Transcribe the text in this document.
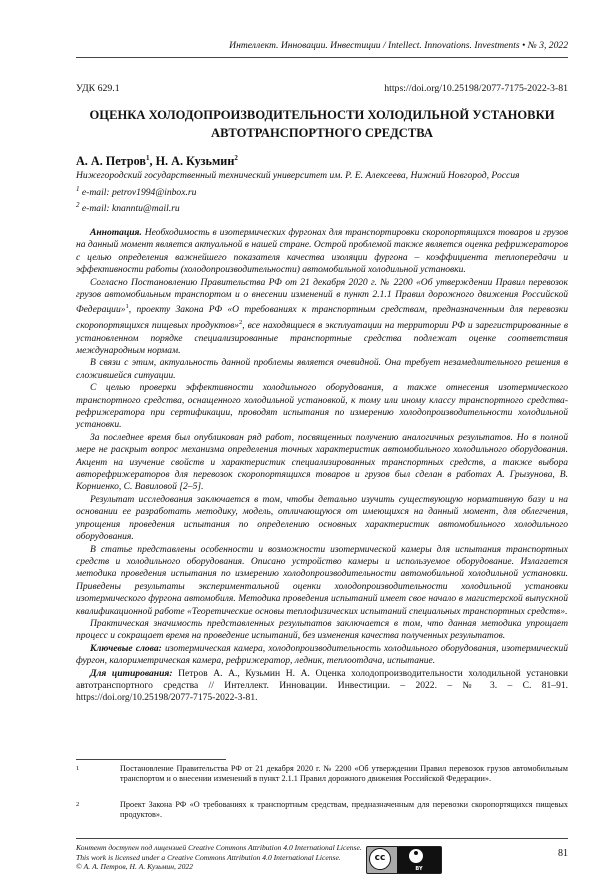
Интеллект. Инновации. Инвестиции / Intellect. Innovations. Investments • № 3, 2022
УДК 629.1	https://doi.org/10.25198/2077-7175-2022-3-81
ОЦЕНКА ХОЛОДОПРОИЗВОДИТЕЛЬНОСТИ ХОЛОДИЛЬНОЙ УСТАНОВКИ
АВТОТРАНСПОРТНОГО СРЕДСТВА
А. А. Петров$^1$, Н. А. Кузьмин$^2$
Нижегородский государственный технический университет им. Р. Е. Алексеева, Нижний Новгород, Россия
$^1$ e-mail: petrov1994@inbox.ru
$^2$ e-mail: knanntu@mail.ru

Аннотация. Необходимость в изотермических фургонах для транспортировки скоропортящихся товаров и грузов на данный момент является актуальной в нашей стране. Острой проблемой также является оценка рефрижераторов с целью определения важнейшего показателя качества изоляции фургона – коэффициента теплопередачи и эффективности работы (холодопроизводительности) автомобильной холодильной установки.

Согласно Постановлению Правительства РФ от 21 декабря 2020 г. № 2200 «Об утверждении Правил перевозок грузов автомобильным транспортом и о внесении изменений в пункт 2.1.1 Правил дорожного движения Российской Федерации»$^1$, проекту Закона РФ «О требованиях к транспортным средствам, предназначенным для перевозки скоропортящихся пищевых продуктов»$^2$, все находящиеся в эксплуатации на территории РФ и зарегистрированные в установленном порядке специализированные транспортные средства подлежат оценке соответствия международным нормам.

В связи с этим, актуальность данной проблемы является очевидной. Она требует незамедлительного решения в сложившейся ситуации.

С целью проверки эффективности холодильного оборудования, а также отнесения изотермического транспортного средства, оснащенного холодильной установкой, к тому или иному классу транспортного средства-рефрижератора при сертификации, проводят испытания по измерению холодопроизводительности холодильной установки.

За последнее время был опубликован ряд работ, посвященных получению аналогичных результатов. Но в полной мере не раскрыт вопрос механизма определения точных характеристик автомобильного холодильного оборудования. Акцент на изучение свойств и характеристик специализированных транспортных средств, а также выбора авторефрижераторов для перевозок скоропортящихся товаров и грузов был сделан в работах А. Грызунова, В. Корниенко, С. Вавиловой [2–5].

Результат исследования заключается в том, чтобы детально изучить существующую нормативную базу и на основании ее разработать методику, модель, отличающуюся от имеющихся на данный момент, для облегчения, упрощения проведения испытания по определению основных характеристик автомобильного холодильного оборудования.

В статье представлены особенности и возможности изотермической камеры для испытания транспортных средств и холодильного оборудования. Описано устройство камеры и используемое оборудование. Излагается методика проведения испытания по измерению холодопроизводительности автомобильной холодильной установки. Приведены результаты экспериментальной оценки холодопроизводительности холодильной установки изотермического фургона автомобиля. Методика проведения испытаний имеет свое начало в магистерской выпускной квалификационной работе «Теоретические основы теплофизических испытаний специальных транспортных средств».

Практическая значимость представленных результатов заключается в том, что данная методика упрощает процесс и сокращает время на проведение испытаний, без изменения качества полученных результатов.

Ключевые слова: изотермическая камера, холодопроизводительность холодильного оборудования, изотермический фургон, калориметрическая камера, рефрижератор, ледник, теплоотдача, испытание.

Для цитирования: Петров А. А., Кузьмин Н. А. Оценка холодопроизводительности холодильной установки автотранспортного средства // Интеллект. Инновации. Инвестиции. – 2022. – № 3. – С. 81–91. https://doi.org/10.25198/2077-7175-2022-3-81.

1	Постановление Правительства РФ от 21 декабря 2020 г. № 2200 «Об утверждении Правил перевозок грузов автомобильным транспортом и о внесении изменений в пункт 2.1.1 Правил дорожного движения Российской Федерации».
2	Проект Закона РФ «О требованиях к транспортным средствам, предназначенным для перевозки скоропортящихся пищевых продуктов».
Контент доступен под лицензией Creative Commons Attribution 4.0 International License.
This work is licensed under a Creative Commons Attribution 4.0 International License.
© А. А. Петров, Н. А. Кузьмин, 2022
cc
BY
81
